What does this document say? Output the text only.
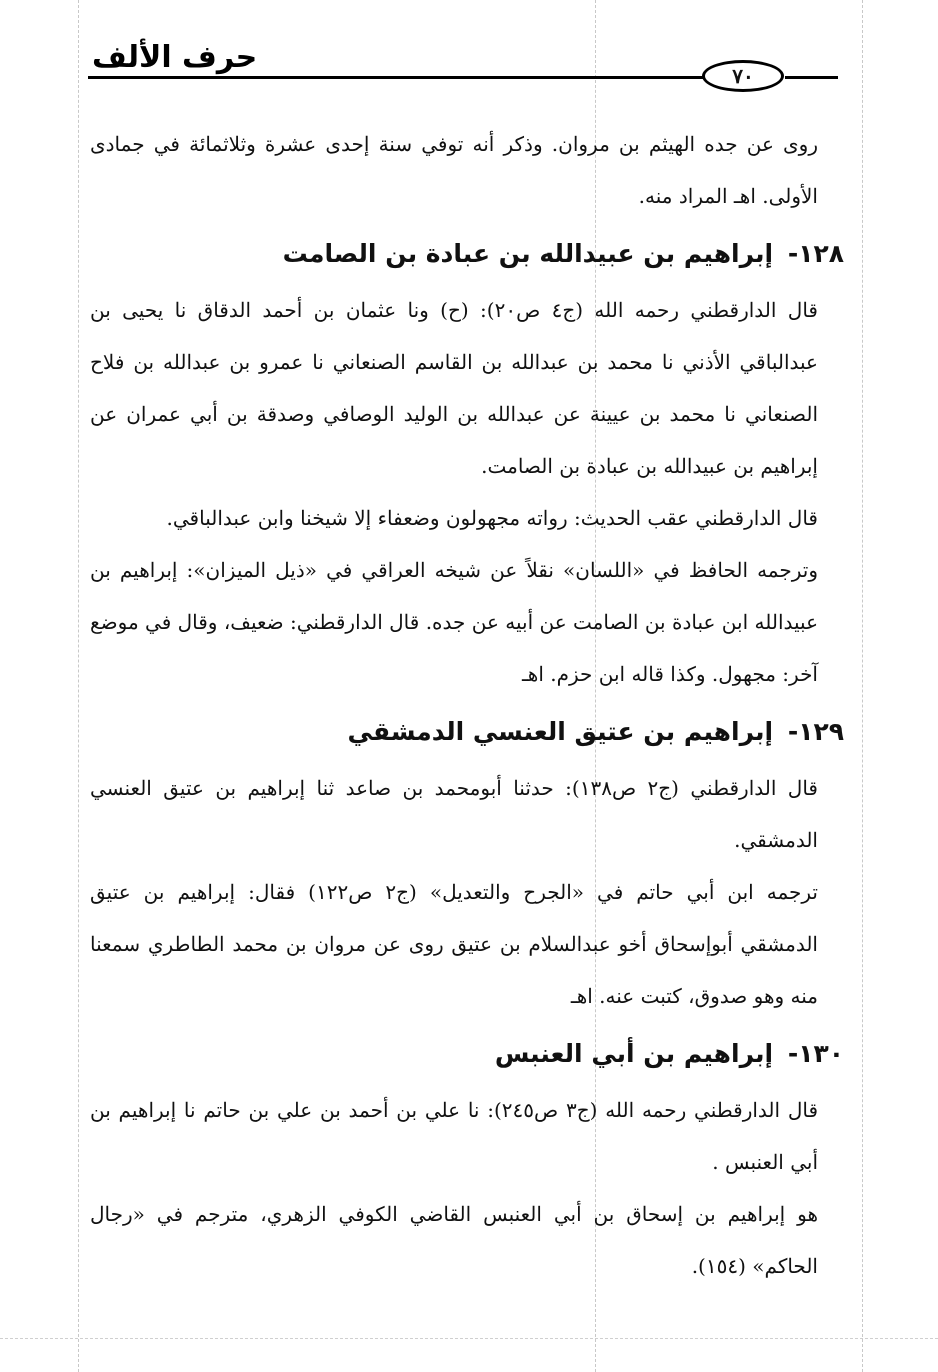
حرف الألف
٧٠

روى عن جده الهيثم بن مروان. وذكر أنه توفي سنة إحدى عشرة وثلاثمائة في جمادى الأولى. اهـ المراد منه.

١٢٨- إبراهيم بن عبيدالله بن عبادة بن الصامت

قال الدارقطني رحمه الله (ج٤ ص٢٠): (ح) ونا عثمان بن أحمد الدقاق نا يحيى بن عبدالباقي الأذني نا محمد بن عبدالله بن القاسم الصنعاني نا عمرو بن عبدالله بن فلاح الصنعاني نا محمد بن عيينة عن عبدالله بن الوليد الوصافي وصدقة بن أبي عمران عن إبراهيم بن عبيدالله بن عبادة بن الصامت.

قال الدارقطني عقب الحديث: رواته مجهولون وضعفاء إلا شيخنا وابن عبدالباقي.

وترجمه الحافظ في «اللسان» نقلاً عن شيخه العراقي في «ذيل الميزان»: إبراهيم بن عبيدالله ابن عبادة بن الصامت عن أبيه عن جده. قال الدارقطني: ضعيف، وقال في موضع آخر: مجهول. وكذا قاله ابن حزم. اهـ

١٢٩- إبراهيم بن عتيق العنسي الدمشقي

قال الدارقطني (ج٢ ص١٣٨): حدثنا أبومحمد بن صاعد ثنا إبراهيم بن عتيق العنسي الدمشقي.

ترجمه ابن أبي حاتم في «الجرح والتعديل» (ج٢ ص١٢٢) فقال: إبراهيم بن عتيق الدمشقي أبوإسحاق أخو عبدالسلام بن عتيق روى عن مروان بن محمد الطاطري سمعنا منه وهو صدوق، كتبت عنه. اهـ

١٣٠- إبراهيم بن أبي العنبس

قال الدارقطني رحمه الله (ج٣ ص٢٤٥): نا علي بن أحمد بن علي بن حاتم نا إبراهيم بن أبي العنبس .

هو إبراهيم بن إسحاق بن أبي العنبس القاضي الكوفي الزهري، مترجم في «رجال الحاكم» (١٥٤).
